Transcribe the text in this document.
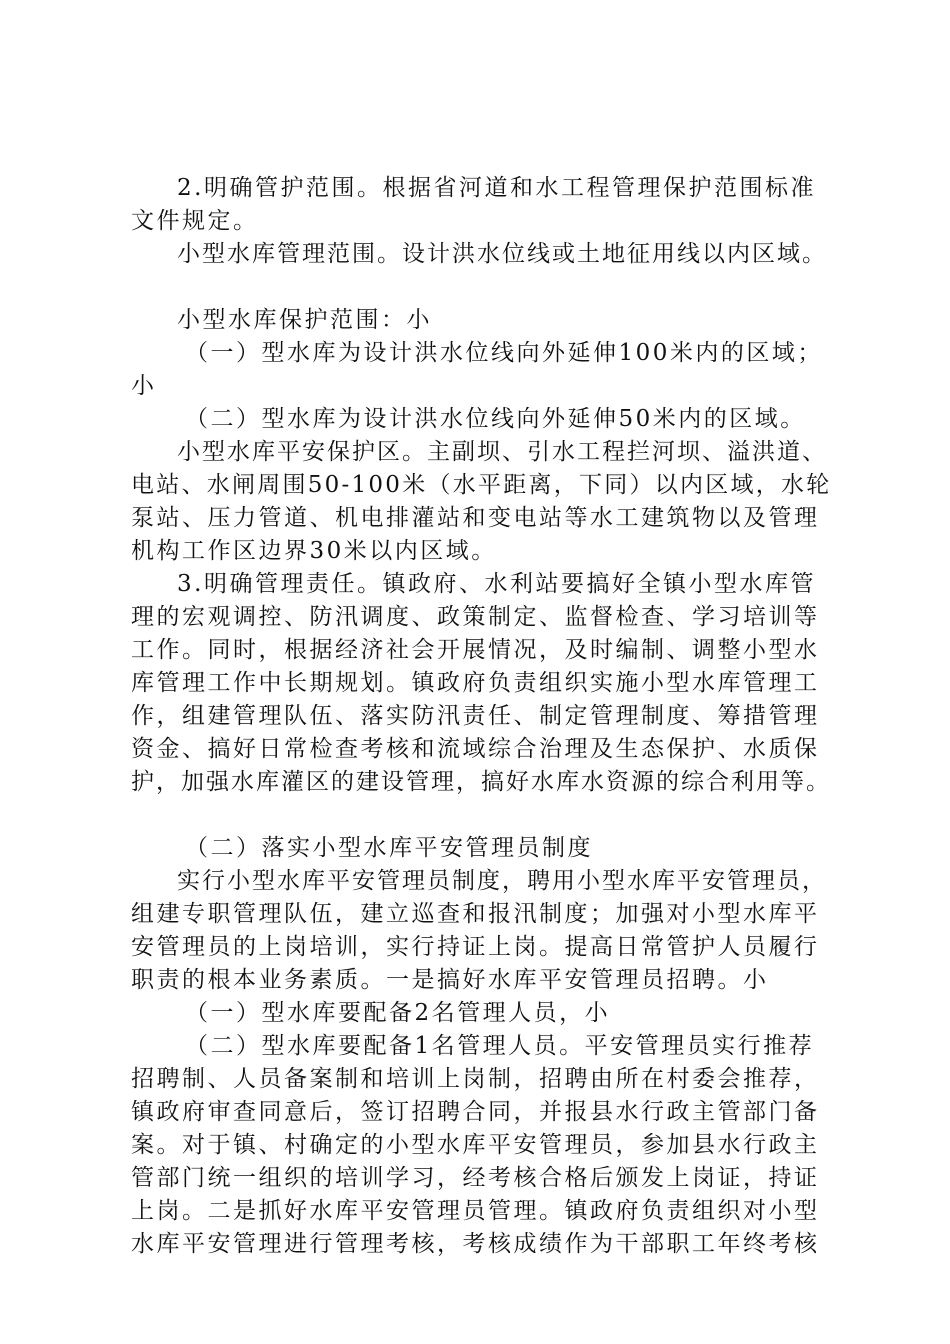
2.明确管护范围。根据省河道和水工程管理保护范围标准
文件规定。
小型水库管理范围。设计洪水位线或土地征用线以内区域。
小型水库保护范围：小
（一）型水库为设计洪水位线向外延伸100米内的区域；
小
（二）型水库为设计洪水位线向外延伸50米内的区域。
小型水库平安保护区。主副坝、引水工程拦河坝、溢洪道、
电站、水闸周围50-100米（水平距离，下同）以内区域，水轮
泵站、压力管道、机电排灌站和变电站等水工建筑物以及管理
机构工作区边界30米以内区域。
3.明确管理责任。镇政府、水利站要搞好全镇小型水库管
理的宏观调控、防汛调度、政策制定、监督检查、学习培训等
工作。同时，根据经济社会开展情况，及时编制、调整小型水
库管理工作中长期规划。镇政府负责组织实施小型水库管理工
作，组建管理队伍、落实防汛责任、制定管理制度、筹措管理
资金、搞好日常检查考核和流域综合治理及生态保护、水质保
护，加强水库灌区的建设管理，搞好水库水资源的综合利用等。
（二）落实小型水库平安管理员制度
实行小型水库平安管理员制度，聘用小型水库平安管理员，
组建专职管理队伍，建立巡查和报汛制度；加强对小型水库平
安管理员的上岗培训，实行持证上岗。提高日常管护人员履行
职责的根本业务素质。一是搞好水库平安管理员招聘。小
（一）型水库要配备2名管理人员，小
（二）型水库要配备1名管理人员。平安管理员实行推荐
招聘制、人员备案制和培训上岗制，招聘由所在村委会推荐，
镇政府审查同意后，签订招聘合同，并报县水行政主管部门备
案。对于镇、村确定的小型水库平安管理员，参加县水行政主
管部门统一组织的培训学习，经考核合格后颁发上岗证，持证
上岗。二是抓好水库平安管理员管理。镇政府负责组织对小型
水库平安管理进行管理考核，考核成绩作为干部职工年终考核
